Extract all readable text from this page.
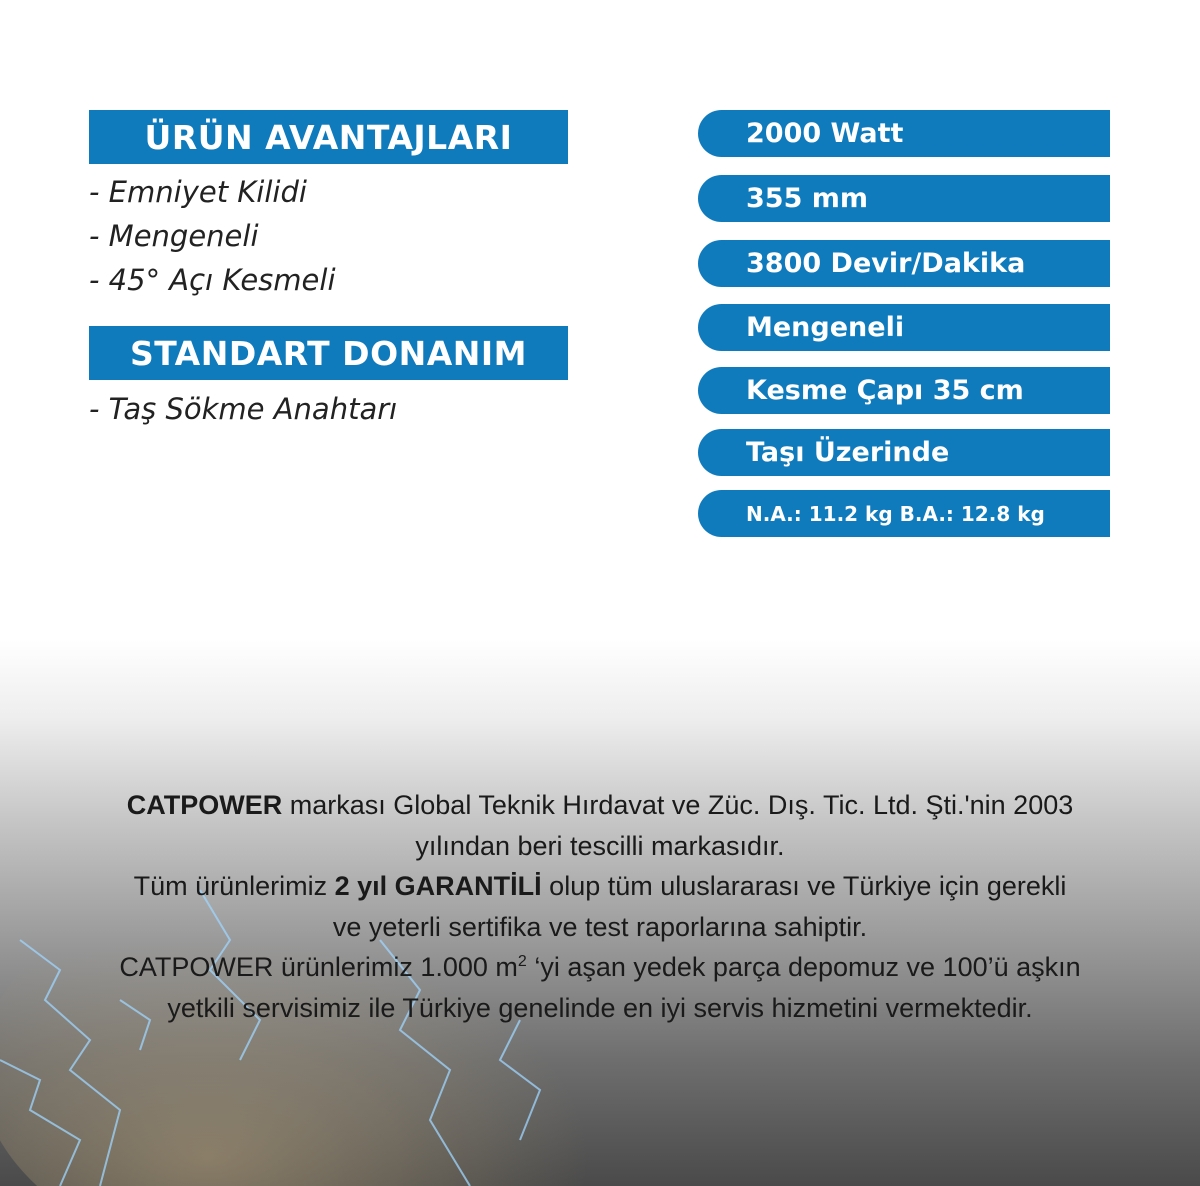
ÜRÜN AVANTAJLARI
- Emniyet Kilidi
- Mengeneli
- 45° Açı Kesmeli
STANDART DONANIM
- Taş Sökme Anahtarı
2000 Watt
355 mm
3800 Devir/Dakika
Mengeneli
Kesme Çapı 35 cm
Taşı Üzerinde
N.A.: 11.2 kg B.A.: 12.8 kg
CATPOWER markası Global Teknik Hırdavat ve Züc. Dış. Tic. Ltd. Şti.'nin 2003
yılından beri tescilli markasıdır.
Tüm ürünlerimiz 2 yıl GARANTİLİ olup tüm uluslararası ve Türkiye için gerekli
ve yeterli sertifika ve test raporlarına sahiptir.
CATPOWER ürünlerimiz 1.000 $m^2$ ‘yi aşan yedek parça depomuz ve 100’ü aşkın
yetkili servisimiz ile Türkiye genelinde en iyi servis hizmetini vermektedir.
